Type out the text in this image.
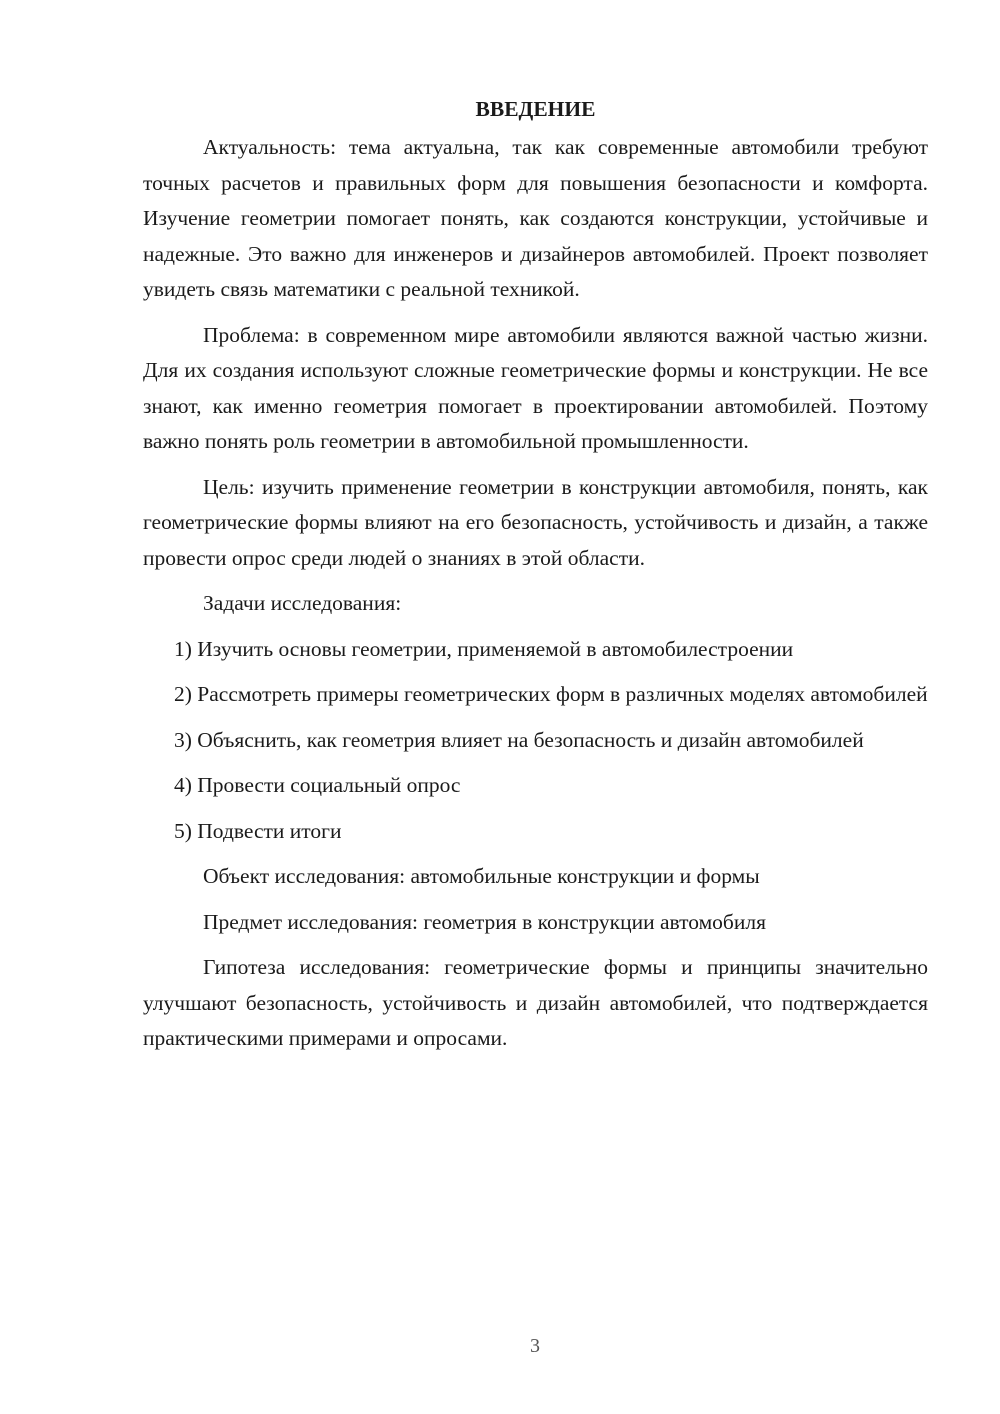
ВВЕДЕНИЕ

Актуальность: тема актуальна, так как современные автомобили требуют точных расчетов и правильных форм для повышения безопасности и комфорта. Изучение геометрии помогает понять, как создаются конструкции, устойчивые и надежные. Это важно для инженеров и дизайнеров автомобилей. Проект позволяет увидеть связь математики с реальной техникой.

Проблема: в современном мире автомобили являются важной частью жизни. Для их создания используют сложные геометрические формы и конструкции. Не все знают, как именно геометрия помогает в проектировании автомобилей. Поэтому важно понять роль геометрии в автомобильной промышленности.

Цель: изучить применение геометрии в конструкции автомобиля, понять, как геометрические формы влияют на его безопасность, устойчивость и дизайн, а также провести опрос среди людей о знаниях в этой области.

Задачи исследования:

1) Изучить основы геометрии, применяемой в автомобилестроении

2) Рассмотреть примеры геометрических форм в различных моделях автомобилей

3) Объяснить, как геометрия влияет на безопасность и дизайн автомобилей

4) Провести социальный опрос

5) Подвести итоги

Объект исследования: автомобильные конструкции и формы

Предмет исследования: геометрия в конструкции автомобиля

Гипотеза исследования: геометрические формы и принципы значительно улучшают безопасность, устойчивость и дизайн автомобилей, что подтверждается практическими примерами и опросами.

3
